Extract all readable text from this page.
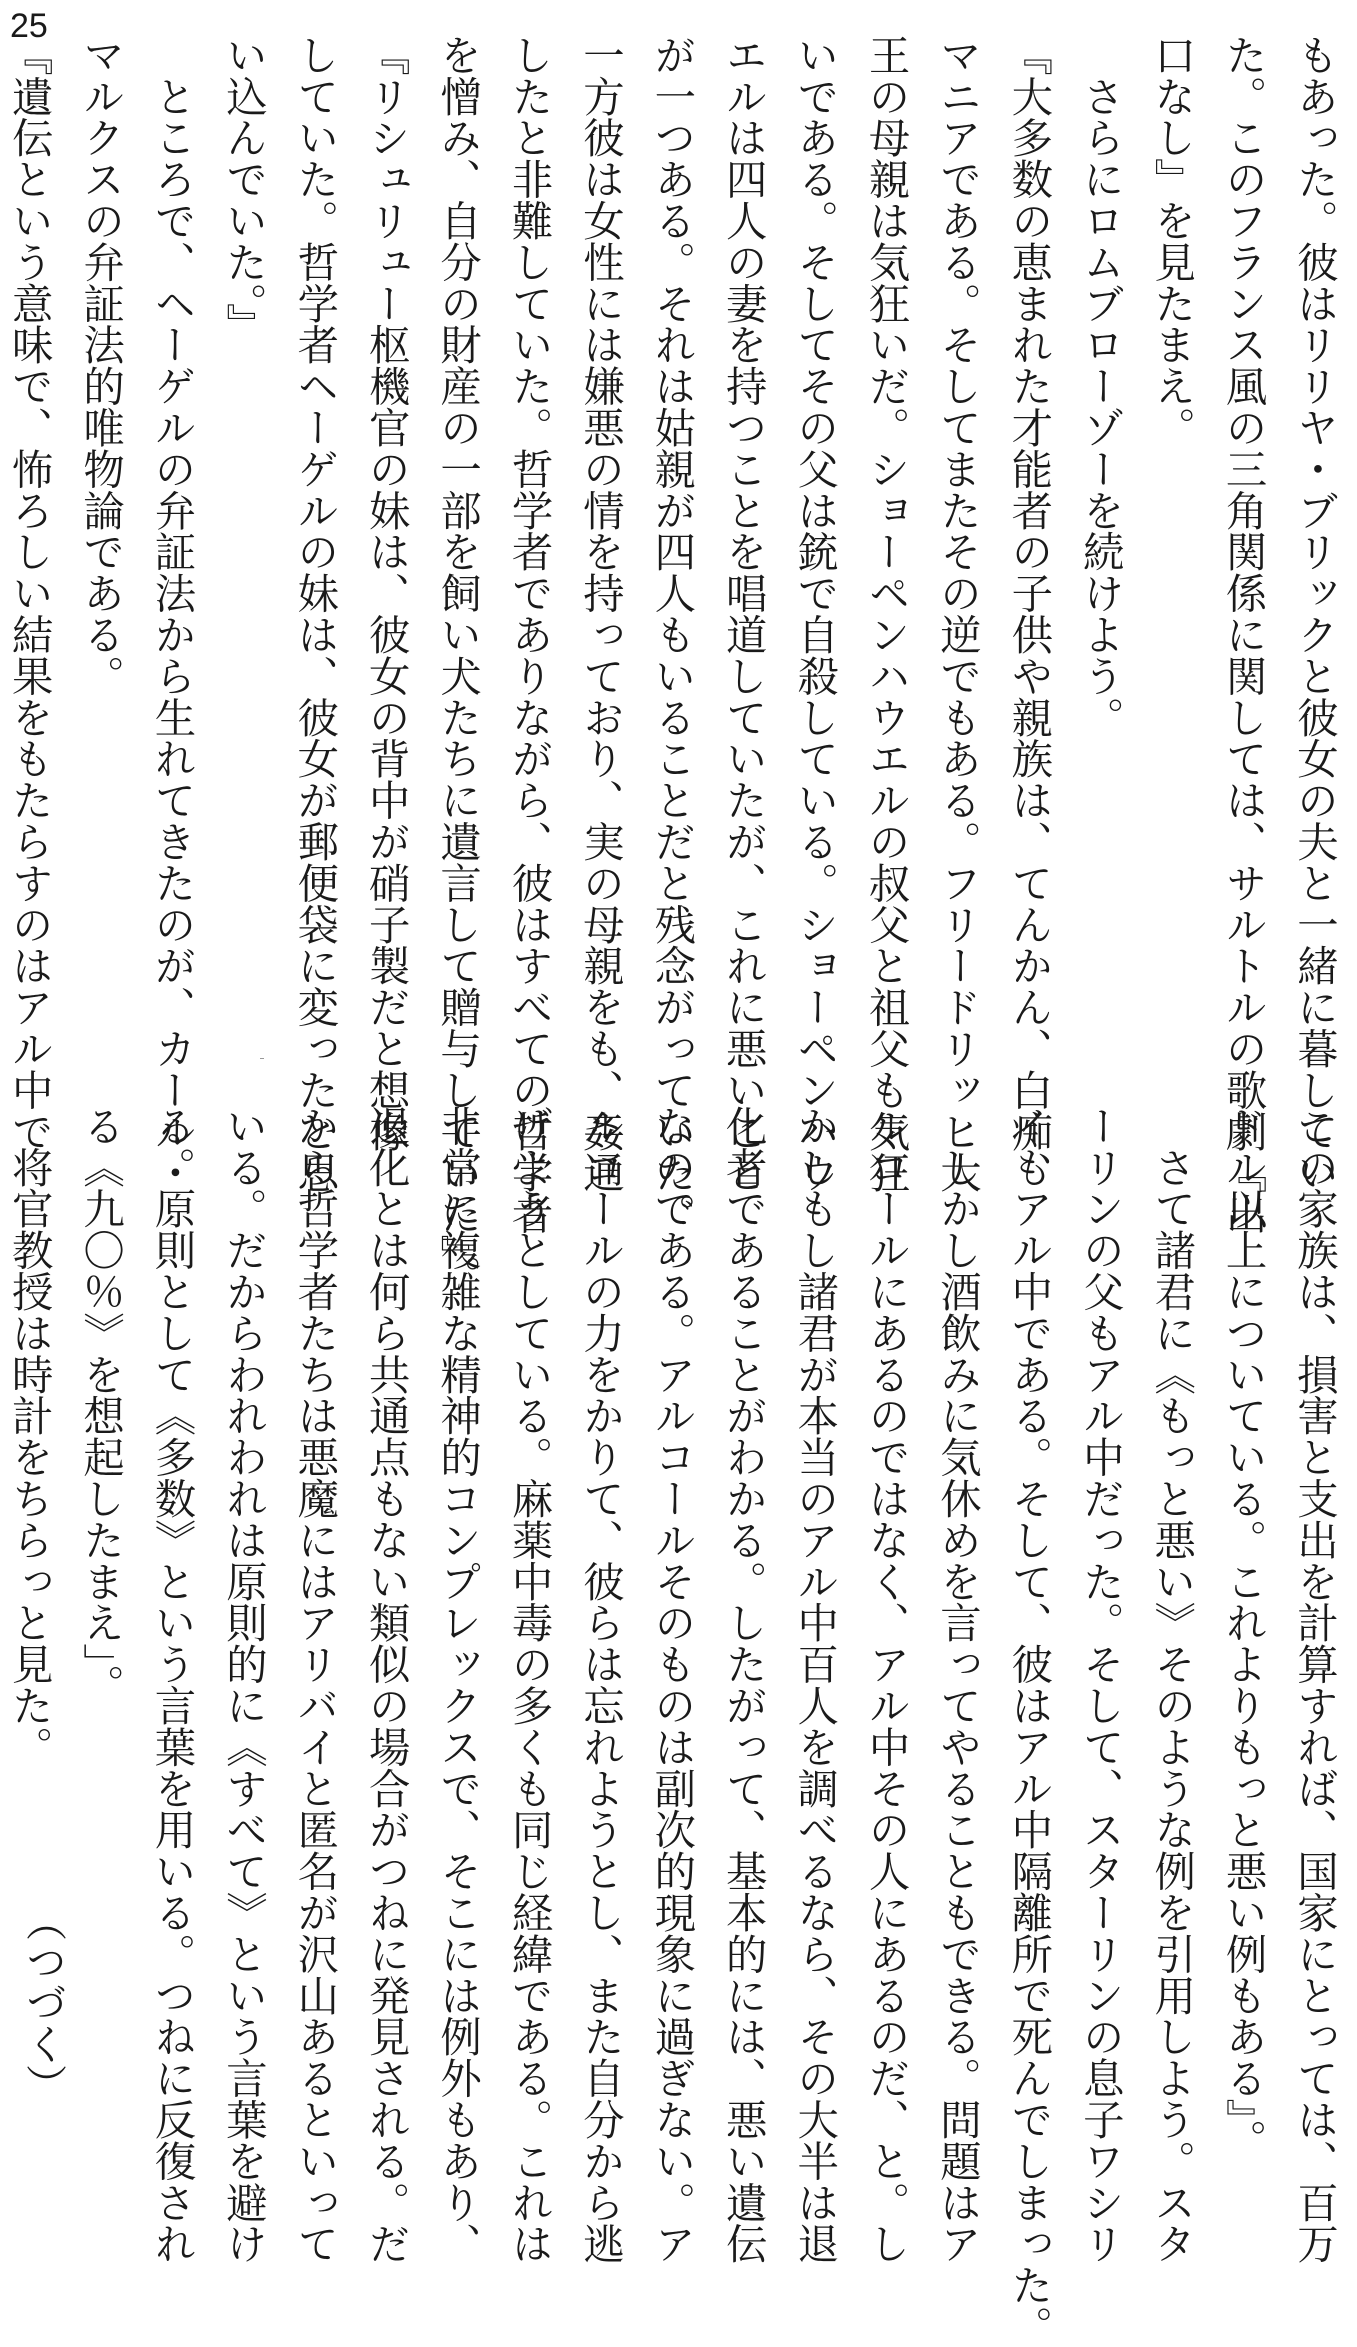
25
もあった。彼はリリヤ・ブリックと彼女の夫と一緒に暮してい
た。このフランス風の三角関係に関しては、サルトルの歌劇『出
口なし』を見たまえ。
　さらにロムブローゾーを続けよう。
『大多数の恵まれた才能者の子供や親族は、てんかん、白痴、
マニアである。そしてまたその逆でもある。フリードリッヒ大
王の母親は気狂いだ。ショーペンハウエルの叔父と祖父も気狂
いである。そしてその父は銃で自殺している。ショーペンハウ
エルは四人の妻を持つことを唱道していたが、これに悪いこと
が一つある。それは姑親が四人もいることだと残念がっていた。
一方彼は女性には嫌悪の情を持っており、実の母親をも、姦通
したと非難していた。哲学者でありながら、彼はすべての哲学者
を憎み、自分の財産の一部を飼い犬たちに遺言して贈与していた』。
『リシュリュー枢機官の妹は、彼女の背中が硝子製だと想像
していた。哲学者ヘーゲルの妹は、彼女が郵便袋に変ったと思
い込んでいた。』
　ところで、ヘーゲルの弁証法から生れてきたのが、カール・
マルクスの弁証法的唯物論である。
『遺伝という意味で、怖ろしい結果をもたらすのはアル中で
この家族は、損害と支出を計算すれば、国家にとっては、百万
ドル以上についている。これよりもっと悪い例もある』。
　さて諸君に《もっと悪い》そのような例を引用しよう。スタ
ーリンの父もアル中だった。そして、スターリンの息子ワシリ
イもアル中である。そして、彼はアル中隔離所で死んでしまった。
　しかし酒飲みに気休めを言ってやることもできる。問題はア
ルコールにあるのではなく、アル中その人にあるのだ、と。し
かしもし諸君が本当のアル中百人を調べるなら、その大半は退
化者であることがわかる。したがって、基本的には、悪い遺伝
なのである。アルコールそのものは副次的現象に過ぎない。ア
ルコールの力をかりて、彼らは忘れようとし、また自分から逃
げようとしている。麻薬中毒の多くも同じ経緯である。これは
非常に複雑な精神的コンプレックスで、そこには例外もあり、
退化とは何ら共通点もない類似の場合がつねに発見される。だ
から哲学者たちは悪魔にはアリバイと匿名が沢山あるといって
いる。だからわれわれは原則的に《すべて》という言葉を避け
る。原則として《多数》という言葉を用いる。つねに反復され
る《九〇％》を想起したまえ」。
　将官教授は時計をちらっと見た。
（つづく）
